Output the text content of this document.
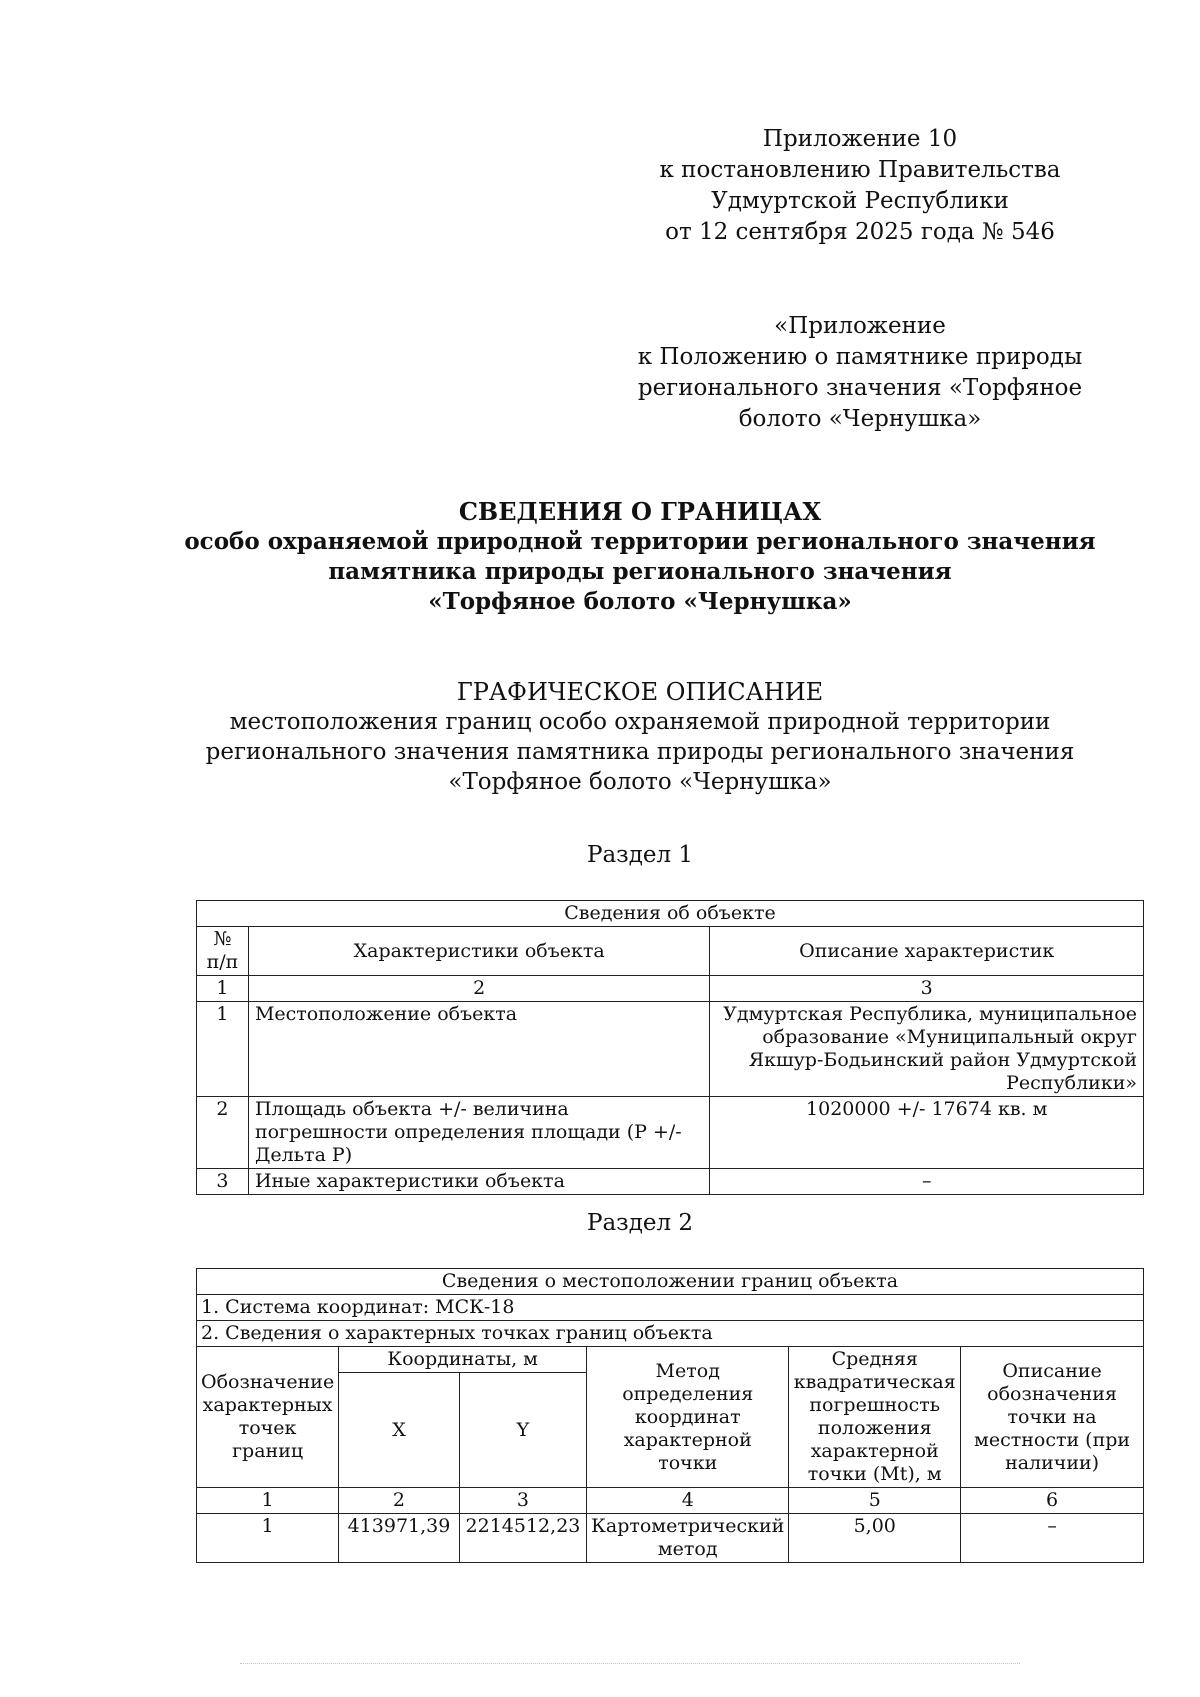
Приложение 10
к постановлению Правительства
Удмуртской Республики
от 12 сентября 2025 года № 546
«Приложение
к Положению о памятнике природы
регионального значения «Торфяное
болото «Чернушка»
СВЕДЕНИЯ О ГРАНИЦАХ
особо охраняемой природной территории регионального значения
памятника природы регионального значения
«Торфяное болото «Чернушка»
ГРАФИЧЕСКОЕ ОПИСАНИЕ
местоположения границ особо охраняемой природной территории
регионального значения памятника природы регионального значения
«Торфяное болото «Чернушка»
Раздел 1
Сведения об объекте		
№ п/п	Характеристики объекта	Описание характеристик
1	2	3
1	Местоположение объекта	Удмуртская Республика, муниципальное образование «Муниципальный округ Якшур-Бодьинский район Удмуртской Республики»
2	Площадь объекта +/- величина погрешности определения площади (P +/- Дельта P)	1020000 +/- 17674 кв. м
3	Иные характеристики объекта	–
Раздел 2
Сведения о местоположении границ объекта					
1. Система координат: МСК-18					
2. Сведения о характерных точках границ объекта					
Обозначение характерных точек границ	Координаты, м		Метод определения координат характерной точки	Средняя квадратическая погрешность положения характерной точки (Mt), м	Описание обозначения точки на местности (при наличии)
	X	Y			
1	2	3	4	5	6
1	413971,39	2214512,23	Картометрический метод	5,00	–
